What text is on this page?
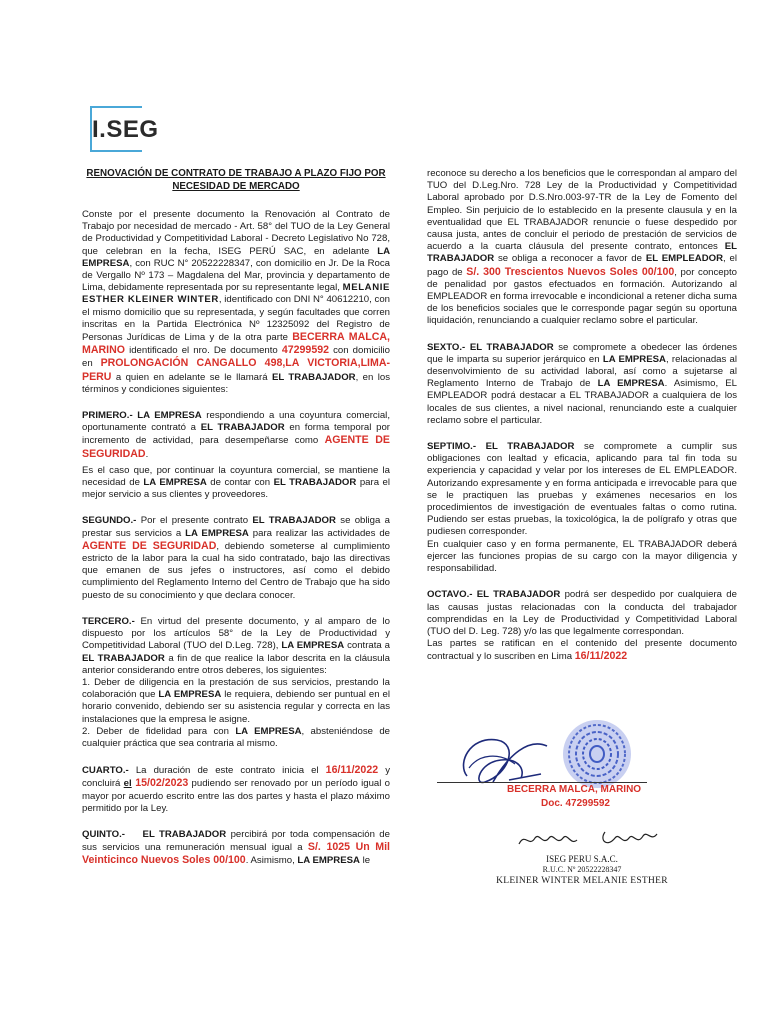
I.SEG
RENOVACIÓN DE CONTRATO DE TRABAJO A PLAZO FIJO POR
NECESIDAD DE MERCADO

Conste por el presente documento la Renovación al Contrato de Trabajo por necesidad de mercado - Art. 58° del TUO de la Ley General de Productividad y Competitividad Laboral - Decreto Legislativo No 728, que celebran en la fecha, ISEG PERÚ SAC, en adelante LA EMPRESA, con RUC N° 20522228347, con domicilio en Jr. De la Roca de Vergallo Nº 173 – Magdalena del Mar, provincia y departamento de Lima, debidamente representada por su representante legal, MELANIE ESTHER KLEINER WINTER, identificado con DNI N° 40612210, con el mismo domicilio que su representada, y según facultades que corren inscritas en la Partida Electrónica Nº 12325092 del Registro de Personas Jurídicas de Lima y de la otra parte BECERRA MALCA, MARINO identificado el nro. De documento 47299592 con domicilio en PROLONGACIÓN CANGALLO 498,LA VICTORIA,LIMA-PERU a quien en adelante se le llamará EL TRABAJADOR, en los términos y condiciones siguientes:

PRIMERO.- LA EMPRESA respondiendo a una coyuntura comercial, oportunamente contrató a EL TRABAJADOR en forma temporal por incremento de actividad, para desempeñarse como AGENTE DE SEGURIDAD.

Es el caso que, por continuar la coyuntura comercial, se mantiene la necesidad de LA EMPRESA de contar con EL TRABAJADOR para el mejor servicio a sus clientes y proveedores.

SEGUNDO.- Por el presente contrato EL TRABAJADOR se obliga a prestar sus servicios a LA EMPRESA para realizar las actividades de AGENTE DE SEGURIDAD, debiendo someterse al cumplimiento estricto de la labor para la cual ha sido contratado, bajo las directivas que emanen de sus jefes o instructores, así como el debido cumplimiento del Reglamento Interno del Centro de Trabajo que ha sido puesto de su conocimiento y que declara conocer.

TERCERO.- En virtud del presente documento, y al amparo de lo dispuesto por los artículos 58° de la Ley de Productividad y Competitividad Laboral (TUO del D.Leg. 728), LA EMPRESA contrata a EL TRABAJADOR a fin de que realice la labor descrita en la cláusula anterior considerando entre otros deberes, los siguientes:

1. Deber de diligencia en la prestación de sus servicios, prestando la colaboración que LA EMPRESA le requiera, debiendo ser puntual en el horario convenido, debiendo ser su asistencia regular y correcta en las instalaciones que la empresa le asigne.

2. Deber de fidelidad para con LA EMPRESA, absteniéndose de cualquier práctica que sea contraria al mismo.

CUARTO.- La duración de este contrato inicia el 16/11/2022 y concluirá el 15/02/2023 pudiendo ser renovado por un período igual o mayor por acuerdo escrito entre las dos partes y hasta el plazo máximo permitido por la Ley.

QUINTO.- EL TRABAJADOR percibirá por toda compensación de sus servicios una remuneración mensual igual a S/. 1025 Un Mil Veinticinco Nuevos Soles 00/100. Asimismo, LA EMPRESA le

reconoce su derecho a los beneficios que le correspondan al amparo del TUO del D.Leg.Nro. 728 Ley de la Productividad y Competitividad Laboral aprobado por D.S.Nro.003-97-TR de la Ley de Fomento del Empleo. Sin perjuicio de lo establecido en la presente clausula y en la eventualidad que EL TRABAJADOR renuncie o fuese despedido por causa justa, antes de concluir el periodo de prestación de servicios de acuerdo a la cuarta cláusula del presente contrato, entonces EL TRABAJADOR se obliga a reconocer a favor de EL EMPLEADOR, el pago de S/. 300 Trescientos Nuevos Soles 00/100, por concepto de penalidad por gastos efectuados en formación. Autorizando al EMPLEADOR en forma irrevocable e incondicional a retener dicha suma de los beneficios sociales que le corresponde pagar según su oportuna liquidación, renunciando a cualquier reclamo sobre el particular.

SEXTO.- EL TRABAJADOR se compromete a obedecer las órdenes que le imparta su superior jerárquico en LA EMPRESA, relacionadas al desenvolvimiento de su actividad laboral, así como a sujetarse al Reglamento Interno de Trabajo de LA EMPRESA. Asimismo, EL EMPLEADOR podrá destacar a EL TRABAJADOR a cualquiera de los locales de sus clientes, a nivel nacional, renunciando este a cualquier reclamo sobre el particular.

SEPTIMO.- EL TRABAJADOR se compromete a cumplir sus obligaciones con lealtad y eficacia, aplicando para tal fin toda su experiencia y capacidad y velar por los intereses de EL EMPLEADOR. Autorizando expresamente y en forma anticipada e irrevocable para que se le practiquen las pruebas y exámenes necesarios en los procedimientos de investigación de eventuales faltas o como rutina. Pudiendo ser estas pruebas, la toxicológica, la de polígrafo y otras que pudiesen corresponder.

En cualquier caso y en forma permanente, EL TRABAJADOR deberá ejercer las funciones propias de su cargo con la mayor diligencia y responsabilidad.

OCTAVO.- EL TRABAJADOR podrá ser despedido por cualquiera de las causas justas relacionadas con la conducta del trabajador comprendidas en la Ley de Productividad y Competitividad Laboral (TUO del D. Leg. 728) y/o las que legalmente correspondan.

Las partes se ratifican en el contenido del presente documento contractual y lo suscriben en Lima 16/11/2022

BECERRA MALCA, MARINO
Doc. 47299592
ISEG PERU S.A.C.
R.U.C. Nº 20522228347
KLEINER WINTER MELANIE ESTHER
